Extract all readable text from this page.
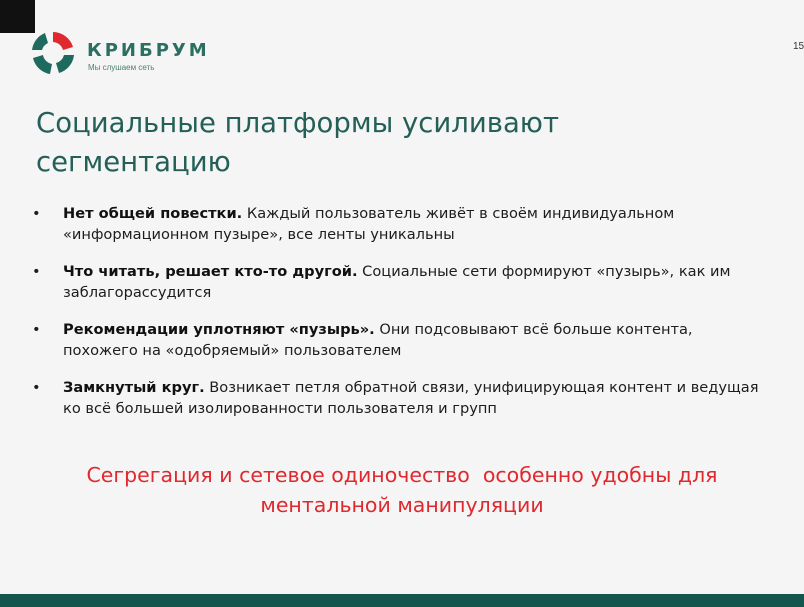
КРИБРУМ
Мы слушаем сеть
15
Социальные платформы усиливают
сегментацию
• Нет общей повестки. Каждый пользователь живёт в своём индивидуальном «информационном пузыре», все ленты уникальны
• Что читать, решает кто-то другой. Социальные сети формируют «пузырь», как им заблагорассудится
• Рекомендации уплотняют «пузырь». Они подсовывают всё больше контента, похожего на «одобряемый» пользователем
• Замкнутый круг. Возникает петля обратной связи, унифицирующая контент и ведущая ко всё большей изолированности пользователя и групп

Сегрегация и сетевое одиночество  особенно удобны для
ментальной манипуляции
